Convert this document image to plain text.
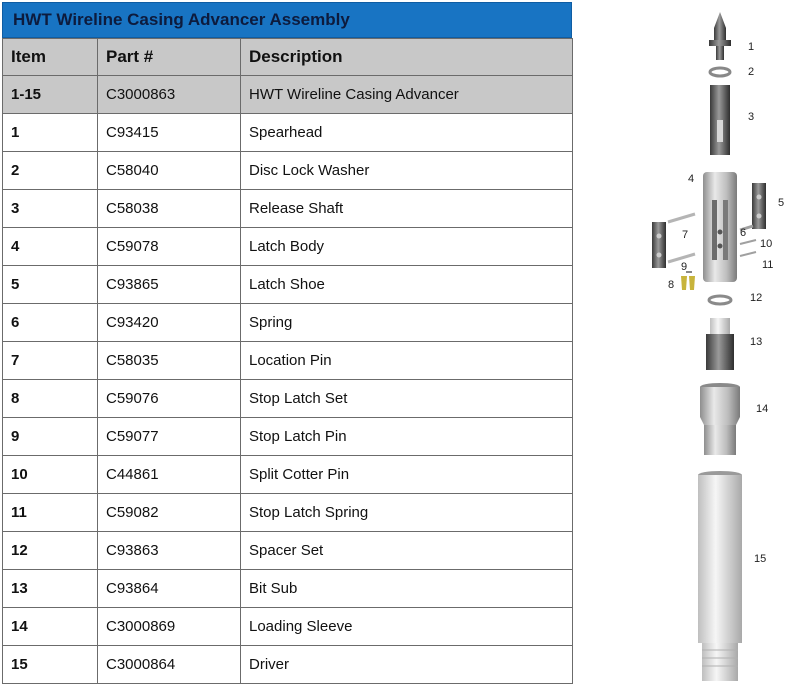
HWT Wireline Casing Advancer Assembly
Item	Part #	Description
1-15	C3000863	HWT Wireline Casing Advancer
1	C93415	Spearhead
2	C58040	Disc Lock Washer
3	C58038	Release Shaft
4	C59078	Latch Body
5	C93865	Latch Shoe
6	C93420	Spring
7	C58035	Location Pin
8	C59076	Stop Latch Set
9	C59077	Stop Latch Pin
10	C44861	Split Cotter Pin
11	C59082	Stop Latch Spring
12	C93863	Spacer Set
13	C93864	Bit Sub
14	C3000869	Loading Sleeve
15	C3000864	Driver
1
2
3
4
5
6
7
8
9
10
11
12
13
14
15
